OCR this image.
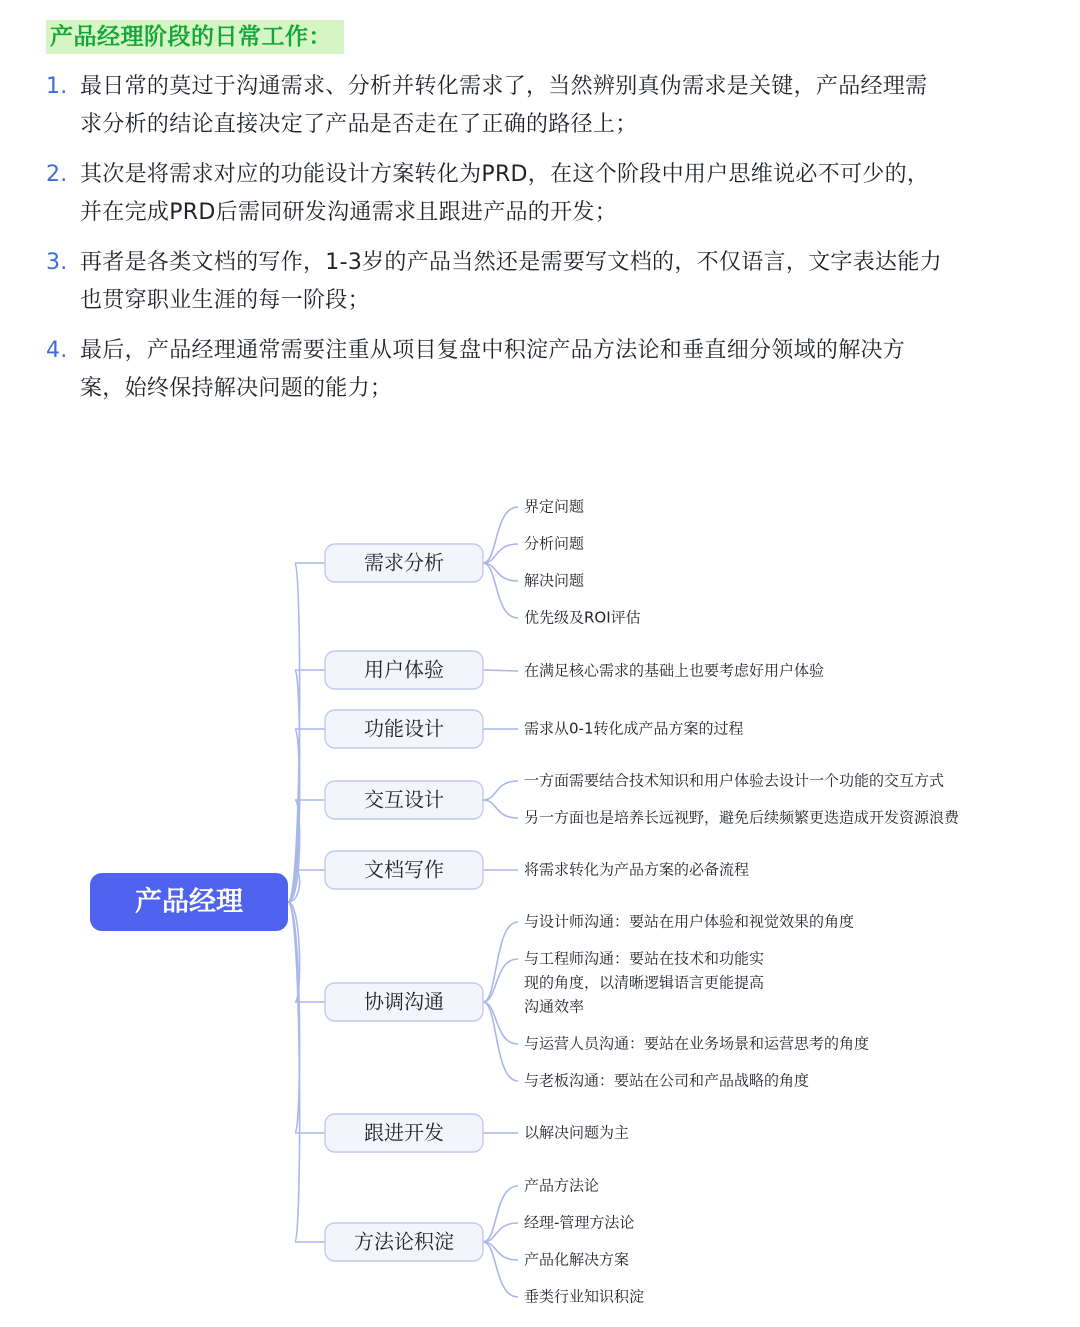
产品经理阶段的日常工作：
1. 最日常的莫过于沟通需求、分析并转化需求了，当然辨别真伪需求是关键，产品经理需
求分析的结论直接决定了产品是否走在了正确的路径上；
2. 其次是将需求对应的功能设计方案转化为PRD，在这个阶段中用户思维说必不可少的，
并在完成PRD后需同研发沟通需求且跟进产品的开发；
3. 再者是各类文档的写作，1-3岁的产品当然还是需要写文档的，不仅语言，文字表达能力
也贯穿职业生涯的每一阶段；
4. 最后，产品经理通常需要注重从项目复盘中积淀产品方法论和垂直细分领域的解决方
案，始终保持解决问题的能力；
需求分析
界定问题
分析问题
解决问题
优先级及ROI评估
用户体验	在满足核心需求的基础上也要考虑好用户体验
功能设计	需求从0-1转化成产品方案的过程
交互设计
一方面需要结合技术知识和用户体验去设计一个功能的交互方式
另一方面也是培养长远视野，避免后续频繁更迭造成开发资源浪费
文档写作	将需求转化为产品方案的必备流程
协调沟通
与设计师沟通：要站在用户体验和视觉效果的角度
与工程师沟通：要站在技术和功能实
现的角度，以清晰逻辑语言更能提高
沟通效率
与运营人员沟通：要站在业务场景和运营思考的角度
与老板沟通：要站在公司和产品战略的角度
跟进开发	以解决问题为主
方法论积淀
产品方法论
经理-管理方法论
产品化解决方案
垂类行业知识积淀
产品经理
